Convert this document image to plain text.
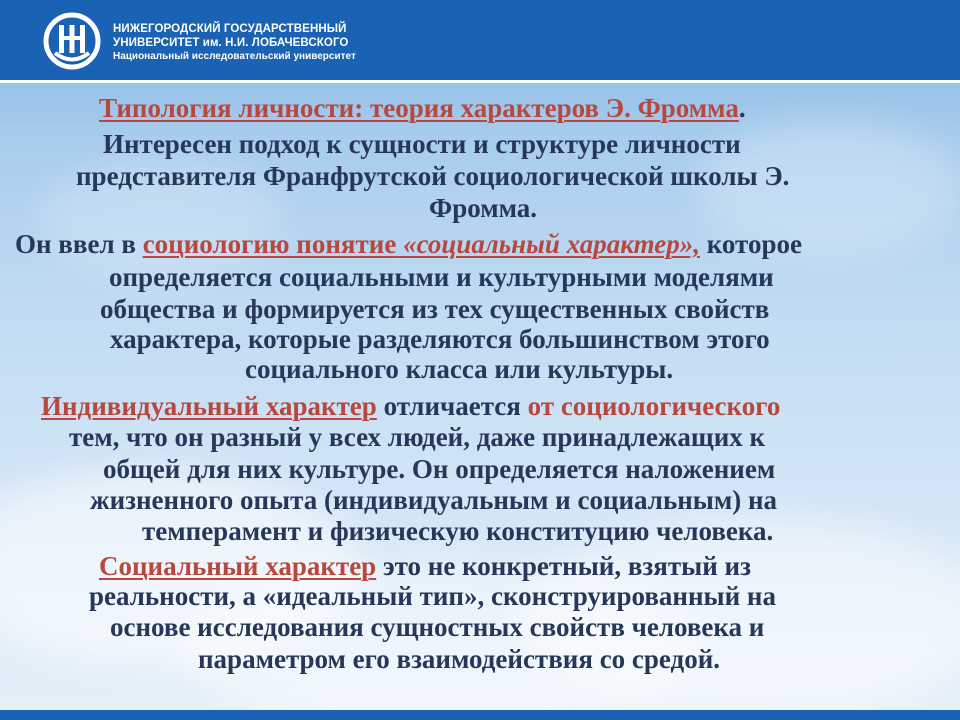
НИЖЕГОРОДСКИЙ ГОСУДАРСТВЕННЫЙ
УНИВЕРСИТЕТ им. Н.И. ЛОБАЧЕВСКОГО
Национальный исследовательский университет
Типология личности: теория характеров Э. Фромма.
Интересен подход к сущности и структуре личности
представителя Франфрутской социологической школы Э.
Фромма.
Он ввел в социологию понятие «социальный характер», которое
определяется социальными и культурными моделями
общества и формируется из тех существенных свойств
характера, которые разделяются большинством этого
социального класса или культуры.
Индивидуальный характер отличается от социологического
тем, что он разный у всех людей, даже принадлежащих к
общей для них культуре. Он определяется наложением
жизненного опыта (индивидуальным и социальным) на
темперамент и физическую конституцию человека.
Социальный характер это не конкретный, взятый из
реальности, а «идеальный тип», сконструированный на
основе исследования сущностных свойств человека и
параметром его взаимодействия со средой.
